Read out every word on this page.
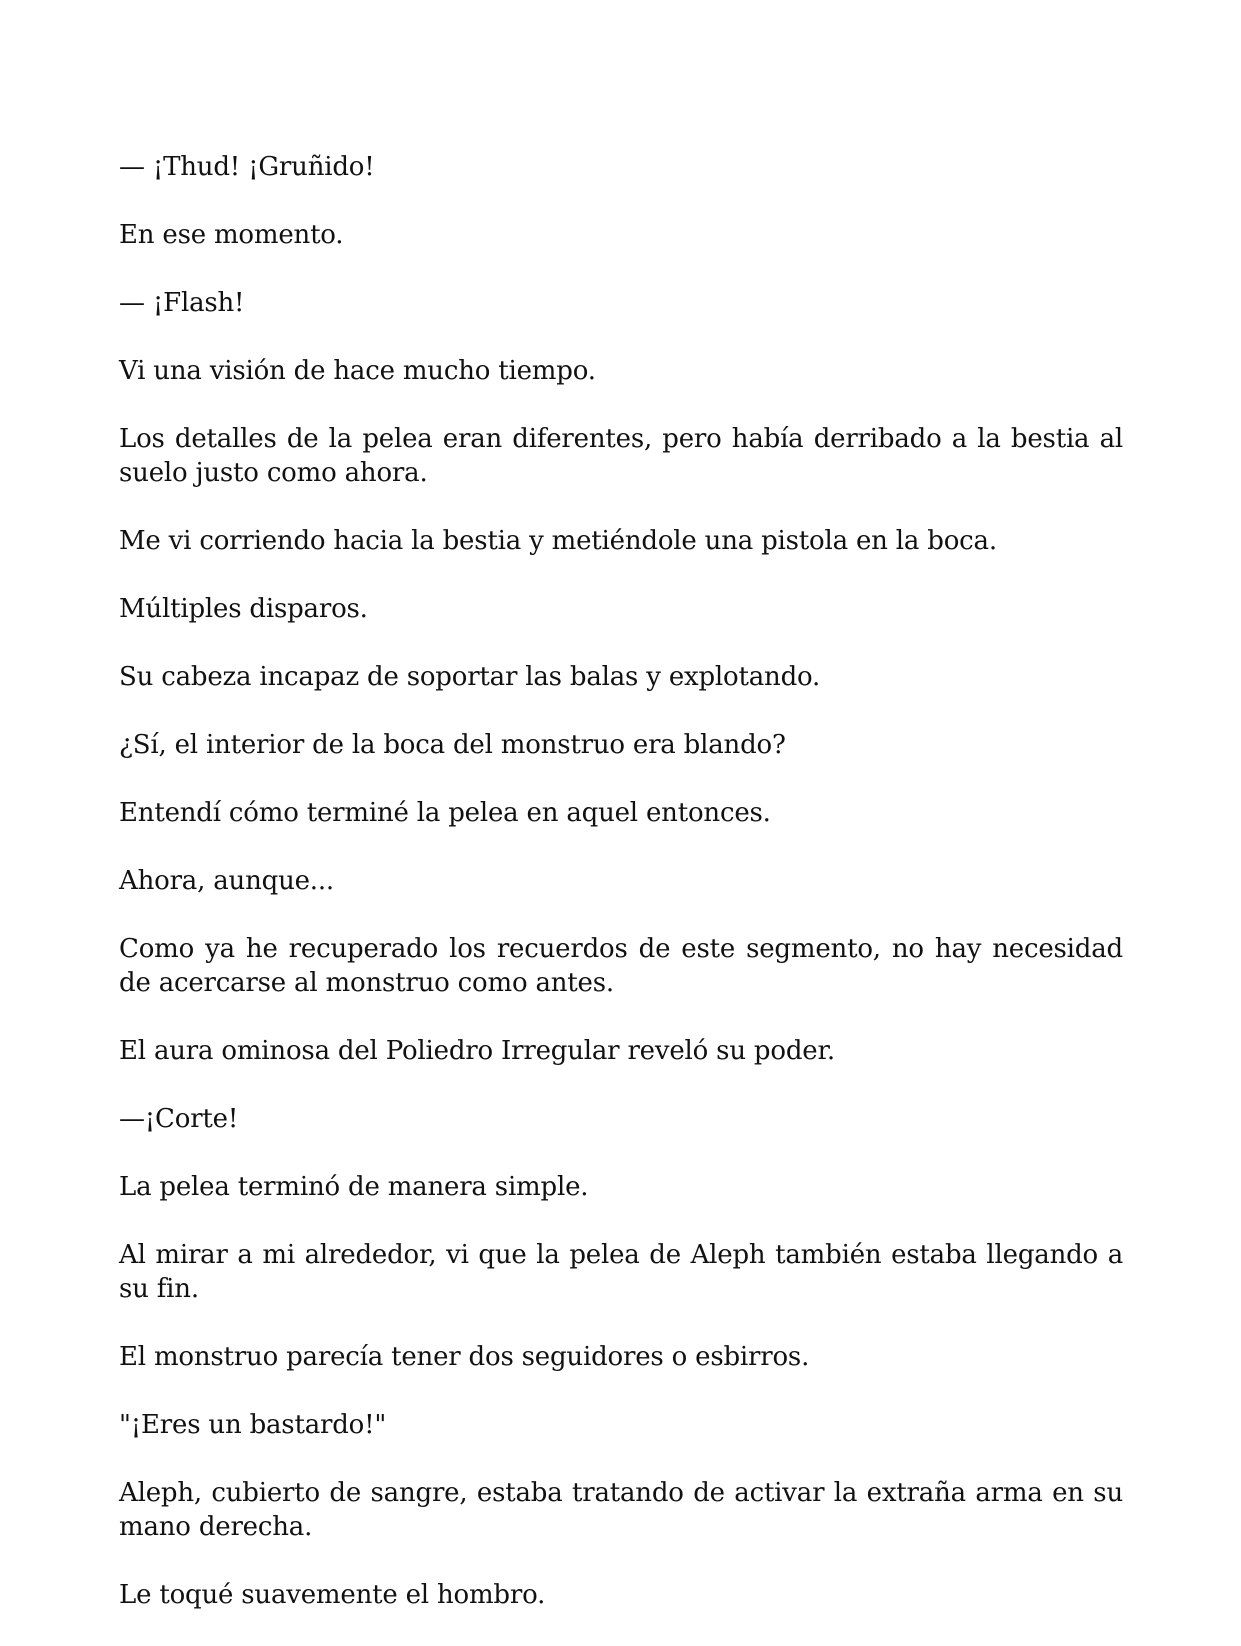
— ¡Thud! ¡Gruñido!

En ese momento.

— ¡Flash!

Vi una visión de hace mucho tiempo.

Los detalles de la pelea eran diferentes, pero había derribado a la bestia al suelo justo como ahora.

Me vi corriendo hacia la bestia y metiéndole una pistola en la boca.

Múltiples disparos.

Su cabeza incapaz de soportar las balas y explotando.

¿Sí, el interior de la boca del monstruo era blando?

Entendí cómo terminé la pelea en aquel entonces.

Ahora, aunque...

Como ya he recuperado los recuerdos de este segmento, no hay necesidad de acercarse al monstruo como antes.

El aura ominosa del Poliedro Irregular reveló su poder.

—¡Corte!

La pelea terminó de manera simple.

Al mirar a mi alrededor, vi que la pelea de Aleph también estaba llegando a su fin.

El monstruo parecía tener dos seguidores o esbirros.

"¡Eres un bastardo!"

Aleph, cubierto de sangre, estaba tratando de activar la extraña arma en su mano derecha.

Le toqué suavemente el hombro.
